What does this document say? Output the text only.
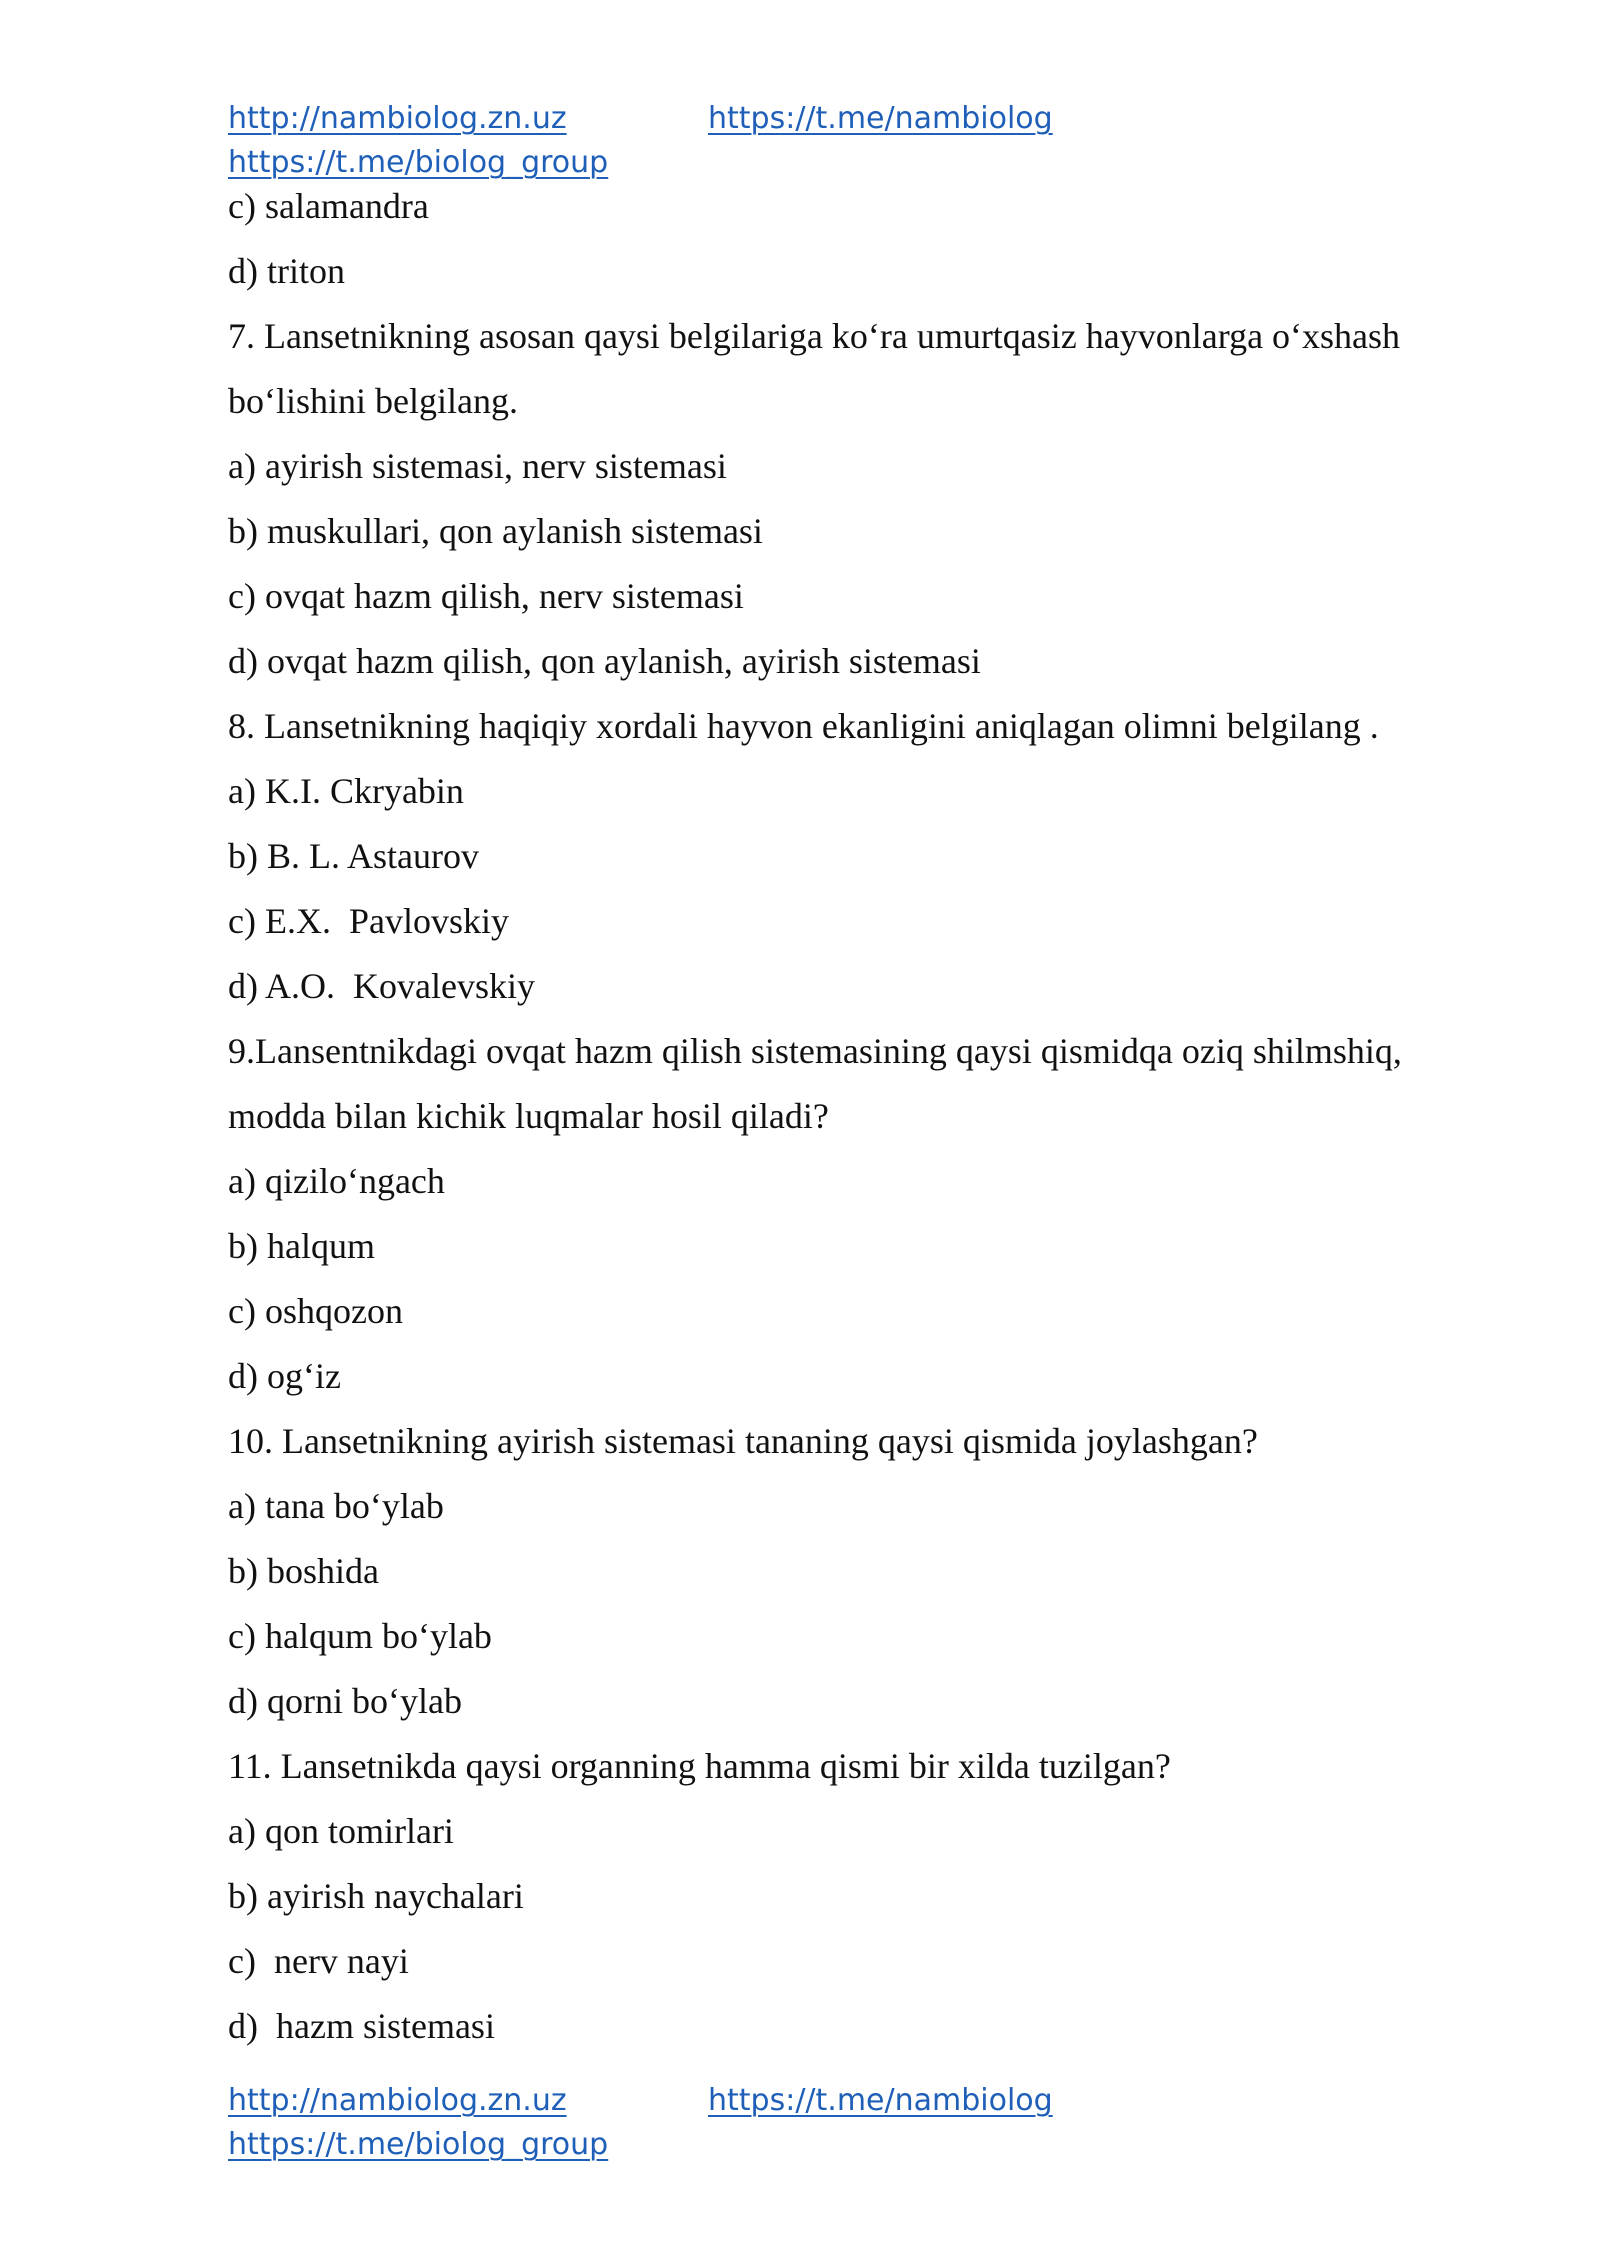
http://nambiolog.zn.uz	https://t.me/nambiolog
https://t.me/biolog_group
c) salamandra
d) triton
7. Lansetnikning asosan qaysi belgilariga ko‘ra umurtqasiz hayvonlarga o‘xshash
bo‘lishini belgilang.
a) ayirish sistemasi, nerv sistemasi
b) muskullari, qon aylanish sistemasi
c) ovqat hazm qilish, nerv sistemasi
d) ovqat hazm qilish, qon aylanish, ayirish sistemasi
8. Lansetnikning haqiqiy xordali hayvon ekanligini aniqlagan olimni belgilang .
a) K.I. Ckryabin
b) B. L. Astaurov
c) E.X.  Pavlovskiy
d) A.O.  Kovalevskiy
9.Lansentnikdagi ovqat hazm qilish sistemasining qaysi qismidqa oziq shilmshiq,
modda bilan kichik luqmalar hosil qiladi?
a) qizilo‘ngach
b) halqum
c) oshqozon
d) og‘iz
10. Lansetnikning ayirish sistemasi tananing qaysi qismida joylashgan?
a) tana bo‘ylab
b) boshida
c) halqum bo‘ylab
d) qorni bo‘ylab
11. Lansetnikda qaysi organning hamma qismi bir xilda tuzilgan?
a) qon tomirlari
b) ayirish naychalari
c)  nerv nayi
d)  hazm sistemasi
http://nambiolog.zn.uz	https://t.me/nambiolog
https://t.me/biolog_group
